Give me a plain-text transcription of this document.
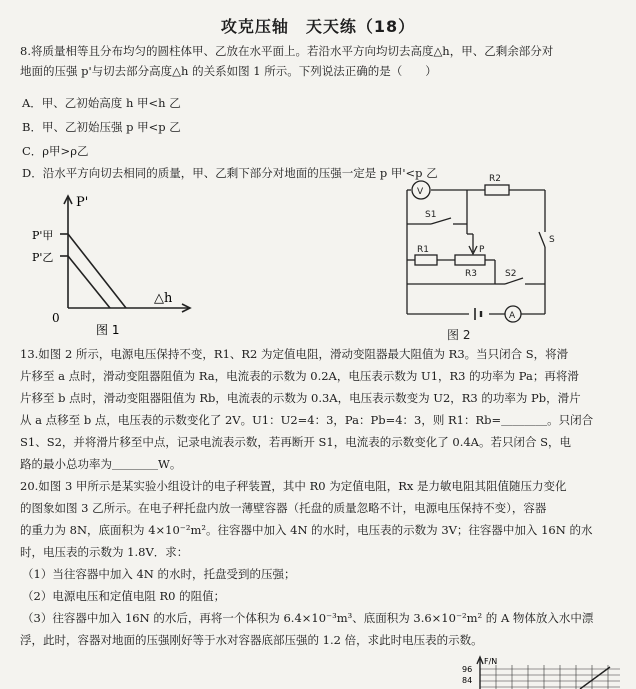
攻克压轴　天天练（18）
8.将质量相等且分布均匀的圆柱体甲、乙放在水平面上。若沿水平方向均切去高度△h，甲、乙剩余部分对
地面的压强 p'与切去部分高度△h 的关系如图 1 所示。下列说法正确的是（　　）
A．甲、乙初始高度 h 甲<h 乙
B．甲、乙初始压强 p 甲<p 乙
C．ρ甲>ρ乙
D．沿水平方向切去相同的质量，甲、乙剩下部分对地面的压强一定是 p 甲'<p 乙
P'
P'甲
P'乙
△h
0
图 1
V
R2
S1
R1	P
R3
S
S2
A
图 2
13.如图 2 所示，电源电压保持不变，R1、R2 为定值电阻，滑动变阻器最大阻值为 R3。当只闭合 S，将滑
片移至 a 点时，滑动变阻器阻值为 Ra，电流表的示数为 0.2A，电压表示数为 U1，R3 的功率为 Pa；再将滑
片移至 b 点时，滑动变阻器阻值为 Rb，电流表的示数为 0.3A，电压表示数变为 U2，R3 的功率为 Pb，滑片
从 a 点移至 b 点，电压表的示数变化了 2V。U1：U2=4：3，Pa：Pb=4：3，则 R1：Rb=＿＿＿＿。只闭合
S1、S2，并将滑片移至中点，记录电流表示数，若再断开 S1，电流表的示数变化了 0.4A。若只闭合 S，电
路的最小总功率为＿＿＿＿W。
20.如图 3 甲所示是某实验小组设计的电子秤装置，其中 R0 为定值电阻，Rx 是力敏电阻其阻值随压力变化
的图象如图 3 乙所示。在电子秤托盘内放一薄壁容器（托盘的质量忽略不计，电源电压保持不变），容器
的重力为 8N，底面积为 4×10⁻²m²。往容器中加入 4N 的水时，电压表的示数为 3V；往容器中加入 16N 的水
时，电压表的示数为 1.8V．求：
（1）当往容器中加入 4N 的水时，托盘受到的压强；
（2）电源电压和定值电阻 R0 的阻值；
（3）往容器中加入 16N 的水后，再将一个体积为 6.4×10⁻³m³、底面积为 3.6×10⁻²m² 的 A 物体放入水中漂
浮，此时，容器对地面的压强刚好等于水对容器底部压强的 1.2 倍，求此时电压表的示数。
F/N
96
84
